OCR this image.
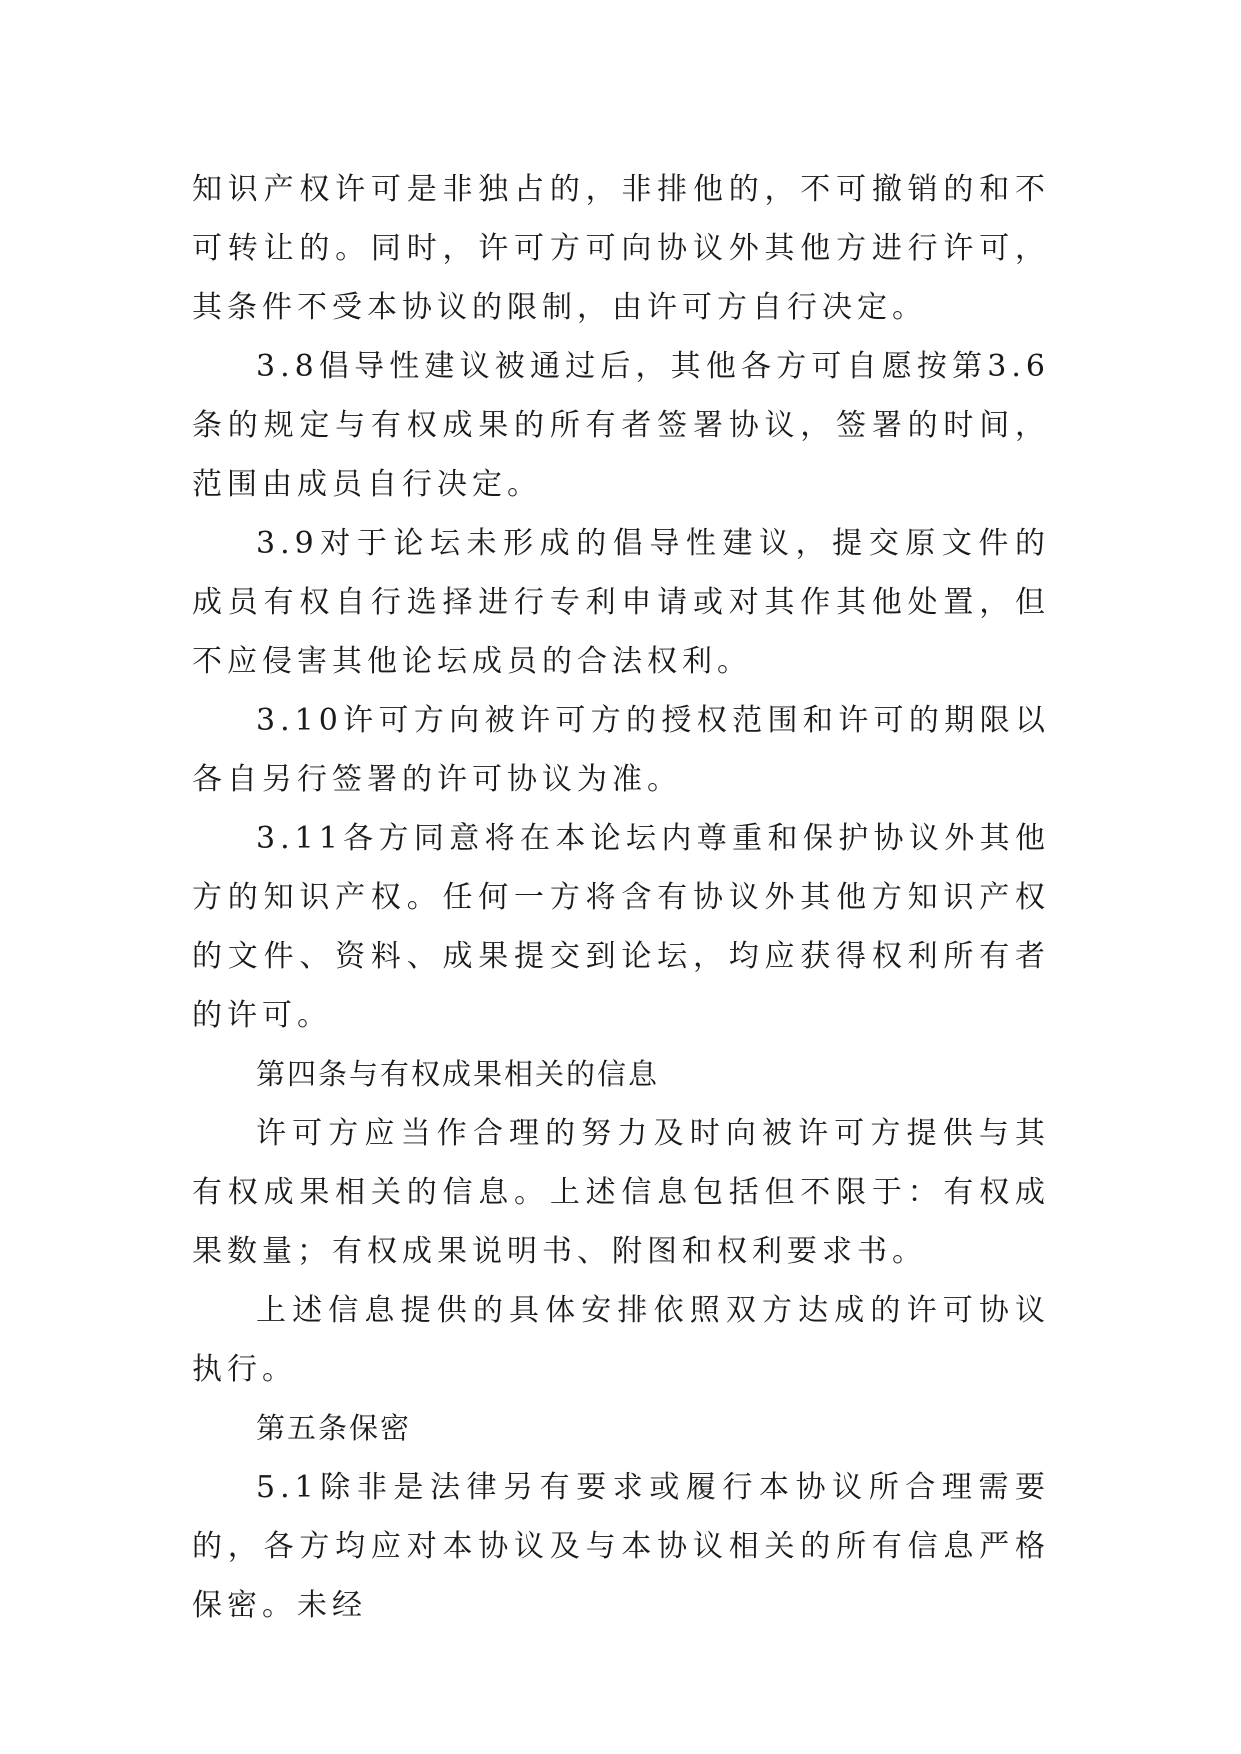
知识产权许可是非独占的，非排他的，不可撤销的和不可转让的。同时，许可方可向协议外其他方进行许可，其条件不受本协议的限制，由许可方自行决定。

3.8倡导性建议被通过后，其他各方可自愿按第3.6条的规定与有权成果的所有者签署协议，签署的时间，范围由成员自行决定。

3.9对于论坛未形成的倡导性建议，提交原文件的成员有权自行选择进行专利申请或对其作其他处置，但不应侵害其他论坛成员的合法权利。

3.10许可方向被许可方的授权范围和许可的期限以各自另行签署的许可协议为准。

3.11各方同意将在本论坛内尊重和保护协议外其他方的知识产权。任何一方将含有协议外其他方知识产权的文件、资料、成果提交到论坛，均应获得权利所有者的许可。

第四条与有权成果相关的信息

许可方应当作合理的努力及时向被许可方提供与其有权成果相关的信息。上述信息包括但不限于：有权成果数量；有权成果说明书、附图和权利要求书。

上述信息提供的具体安排依照双方达成的许可协议执行。

第五条保密

5.1除非是法律另有要求或履行本协议所合理需要的，各方均应对本协议及与本协议相关的所有信息严格保密。未经
